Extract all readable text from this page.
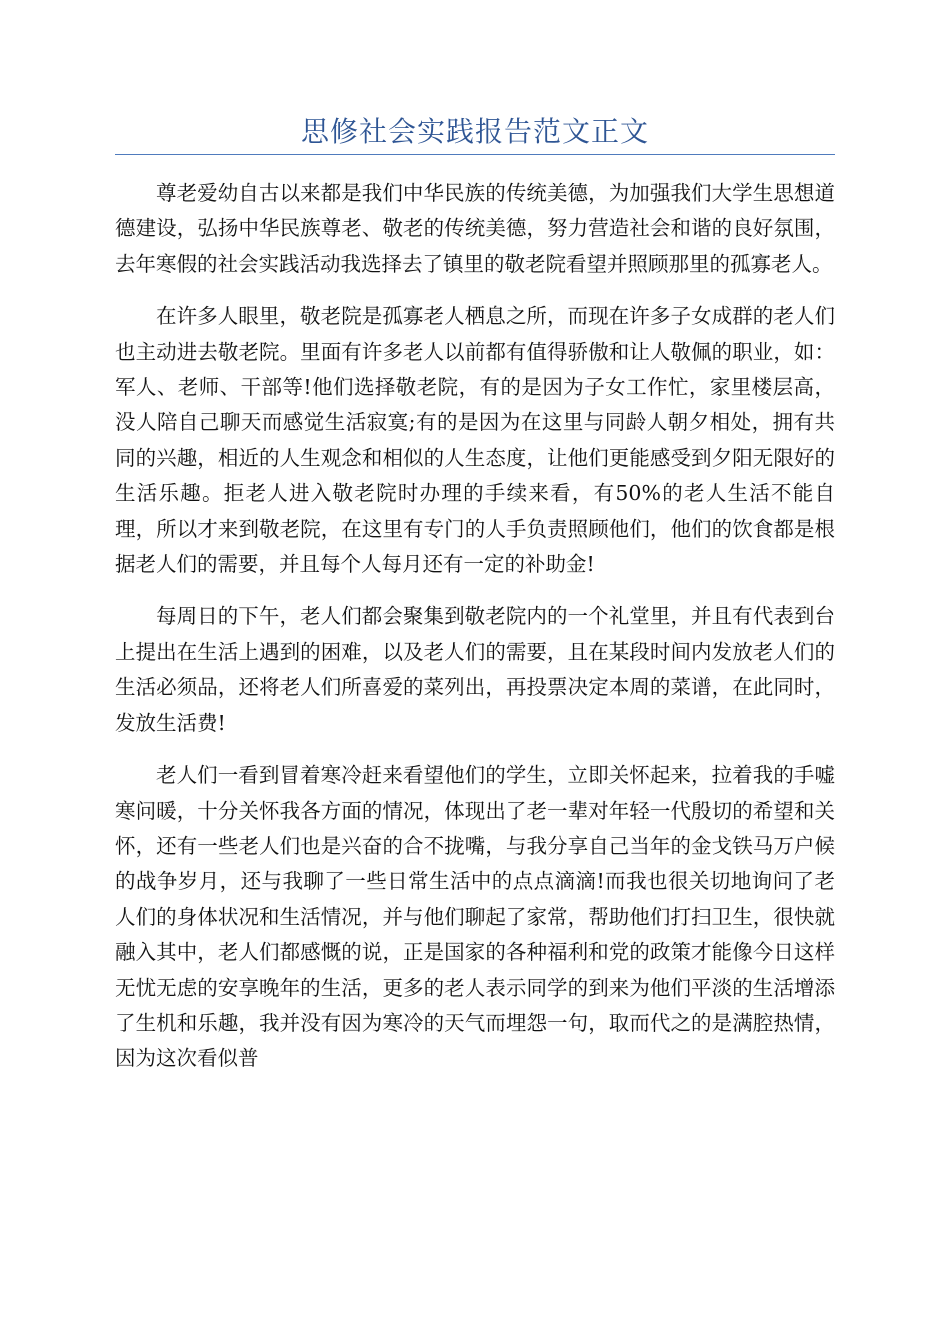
思修社会实践报告范文正文

尊老爱幼自古以来都是我们中华民族的传统美德，为加强我们大学生思想道德建设，弘扬中华民族尊老、敬老的传统美德，努力营造社会和谐的良好氛围，去年寒假的社会实践活动我选择去了镇里的敬老院看望并照顾那里的孤寡老人。

在许多人眼里，敬老院是孤寡老人栖息之所，而现在许多子女成群的老人们也主动进去敬老院。里面有许多老人以前都有值得骄傲和让人敬佩的职业，如：军人、老师、干部等!他们选择敬老院，有的是因为子女工作忙，家里楼层高，没人陪自己聊天而感觉生活寂寞;有的是因为在这里与同龄人朝夕相处，拥有共同的兴趣，相近的人生观念和相似的人生态度，让他们更能感受到夕阳无限好的生活乐趣。拒老人进入敬老院时办理的手续来看，有50%的老人生活不能自理，所以才来到敬老院，在这里有专门的人手负责照顾他们，他们的饮食都是根据老人们的需要，并且每个人每月还有一定的补助金!

每周日的下午，老人们都会聚集到敬老院内的一个礼堂里，并且有代表到台上提出在生活上遇到的困难，以及老人们的需要，且在某段时间内发放老人们的生活必须品，还将老人们所喜爱的菜列出，再投票决定本周的菜谱，在此同时，发放生活费!

老人们一看到冒着寒冷赶来看望他们的学生，立即关怀起来，拉着我的手嘘寒问暖，十分关怀我各方面的情况，体现出了老一辈对年轻一代殷切的希望和关怀，还有一些老人们也是兴奋的合不拢嘴，与我分享自己当年的金戈铁马万户候的战争岁月，还与我聊了一些日常生活中的点点滴滴!而我也很关切地询问了老人们的身体状况和生活情况，并与他们聊起了家常，帮助他们打扫卫生，很快就融入其中，老人们都感慨的说，正是国家的各种福利和党的政策才能像今日这样无忧无虑的安享晚年的生活，更多的老人表示同学的到来为他们平淡的生活增添了生机和乐趣，我并没有因为寒冷的天气而埋怨一句，取而代之的是满腔热情，因为这次看似普
